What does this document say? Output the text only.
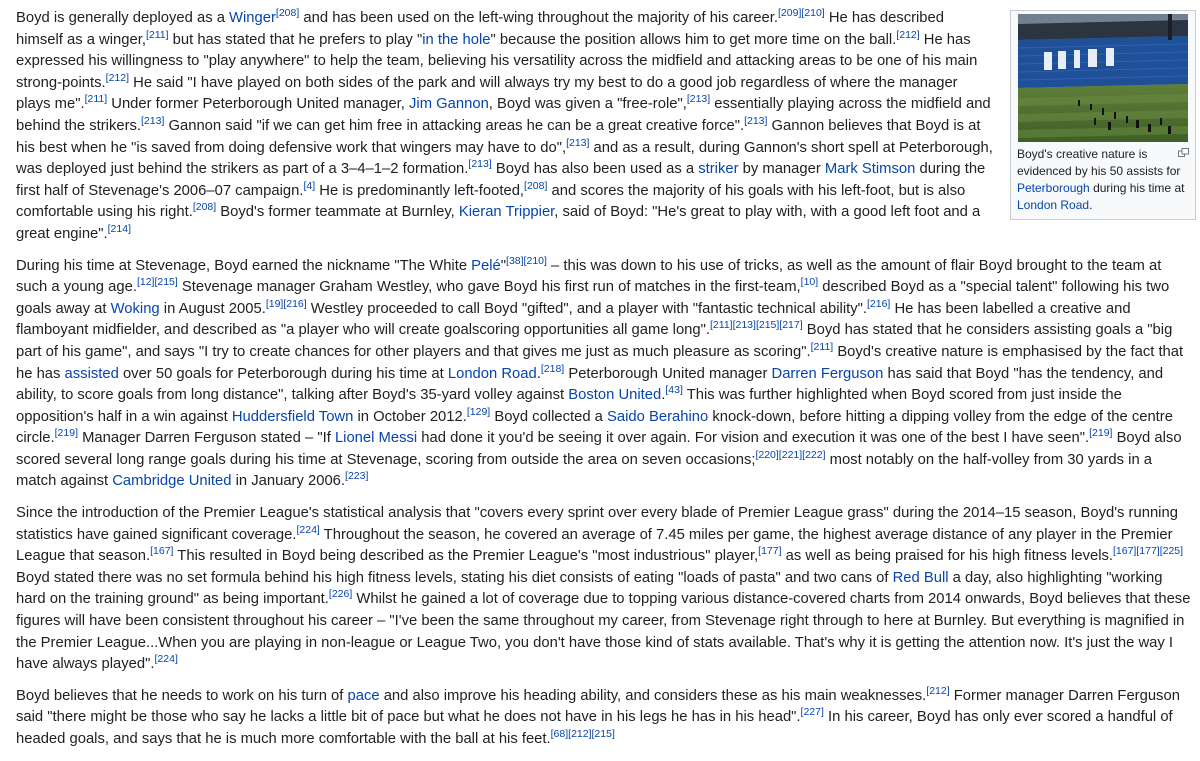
Boyd's creative nature is evidenced by his 50 assists for Peterborough during his time at London Road.

Boyd is generally deployed as a Winger[208] and has been used on the left-wing throughout the majority of his career.[209][210] He has described himself as a winger,[211] but has stated that he prefers to play "in the hole" because the position allows him to get more time on the ball.[212] He has expressed his willingness to "play anywhere" to help the team, believing his versatility across the midfield and attacking areas to be one of his main strong-points.[212] He said "I have played on both sides of the park and will always try my best to do a good job regardless of where the manager plays me".[211] Under former Peterborough United manager, Jim Gannon, Boyd was given a "free-role",[213] essentially playing across the midfield and behind the strikers.[213] Gannon said "if we can get him free in attacking areas he can be a great creative force".[213] Gannon believes that Boyd is at his best when he "is saved from doing defensive work that wingers may have to do",[213] and as a result, during Gannon's short spell at Peterborough, was deployed just behind the strikers as part of a 3–4–1–2 formation.[213] Boyd has also been used as a striker by manager Mark Stimson during the first half of Stevenage's 2006–07 campaign.[4] He is predominantly left-footed,[208] and scores the majority of his goals with his left-foot, but is also comfortable using his right.[208] Boyd's former teammate at Burnley, Kieran Trippier, said of Boyd: "He's great to play with, with a good left foot and a great engine".[214]

During his time at Stevenage, Boyd earned the nickname "The White Pelé"[38][210] – this was down to his use of tricks, as well as the amount of flair Boyd brought to the team at such a young age.[12][215] Stevenage manager Graham Westley, who gave Boyd his first run of matches in the first-team,[10] described Boyd as a "special talent" following his two goals away at Woking in August 2005.[19][216] Westley proceeded to call Boyd "gifted", and a player with "fantastic technical ability".[216] He has been labelled a creative and flamboyant midfielder, and described as "a player who will create goalscoring opportunities all game long".[211][213][215][217] Boyd has stated that he considers assisting goals a "big part of his game", and says "I try to create chances for other players and that gives me just as much pleasure as scoring".[211] Boyd's creative nature is emphasised by the fact that he has assisted over 50 goals for Peterborough during his time at London Road.[218] Peterborough United manager Darren Ferguson has said that Boyd "has the tendency, and ability, to score goals from long distance", talking after Boyd's 35-yard volley against Boston United.[43] This was further highlighted when Boyd scored from just inside the opposition's half in a win against Huddersfield Town in October 2012.[129] Boyd collected a Saido Berahino knock-down, before hitting a dipping volley from the edge of the centre circle.[219] Manager Darren Ferguson stated – "If Lionel Messi had done it you'd be seeing it over again. For vision and execution it was one of the best I have seen".[219] Boyd also scored several long range goals during his time at Stevenage, scoring from outside the area on seven occasions;[220][221][222] most notably on the half-volley from 30 yards in a match against Cambridge United in January 2006.[223]

Since the introduction of the Premier League's statistical analysis that "covers every sprint over every blade of Premier League grass" during the 2014–15 season, Boyd's running statistics have gained significant coverage.[224] Throughout the season, he covered an average of 7.45 miles per game, the highest average distance of any player in the Premier League that season.[167] This resulted in Boyd being described as the Premier League's "most industrious" player,[177] as well as being praised for his high fitness levels.[167][177][225] Boyd stated there was no set formula behind his high fitness levels, stating his diet consists of eating "loads of pasta" and two cans of Red Bull a day, also highlighting "working hard on the training ground" as being important.[226] Whilst he gained a lot of coverage due to topping various distance-covered charts from 2014 onwards, Boyd believes that these figures will have been consistent throughout his career – "I've been the same throughout my career, from Stevenage right through to here at Burnley. But everything is magnified in the Premier League...When you are playing in non-league or League Two, you don't have those kind of stats available. That's why it is getting the attention now. It's just the way I have always played".[224]

Boyd believes that he needs to work on his turn of pace and also improve his heading ability, and considers these as his main weaknesses.[212] Former manager Darren Ferguson said "there might be those who say he lacks a little bit of pace but what he does not have in his legs he has in his head".[227] In his career, Boyd has only ever scored a handful of headed goals, and says that he is much more comfortable with the ball at his feet.[68][212][215]
